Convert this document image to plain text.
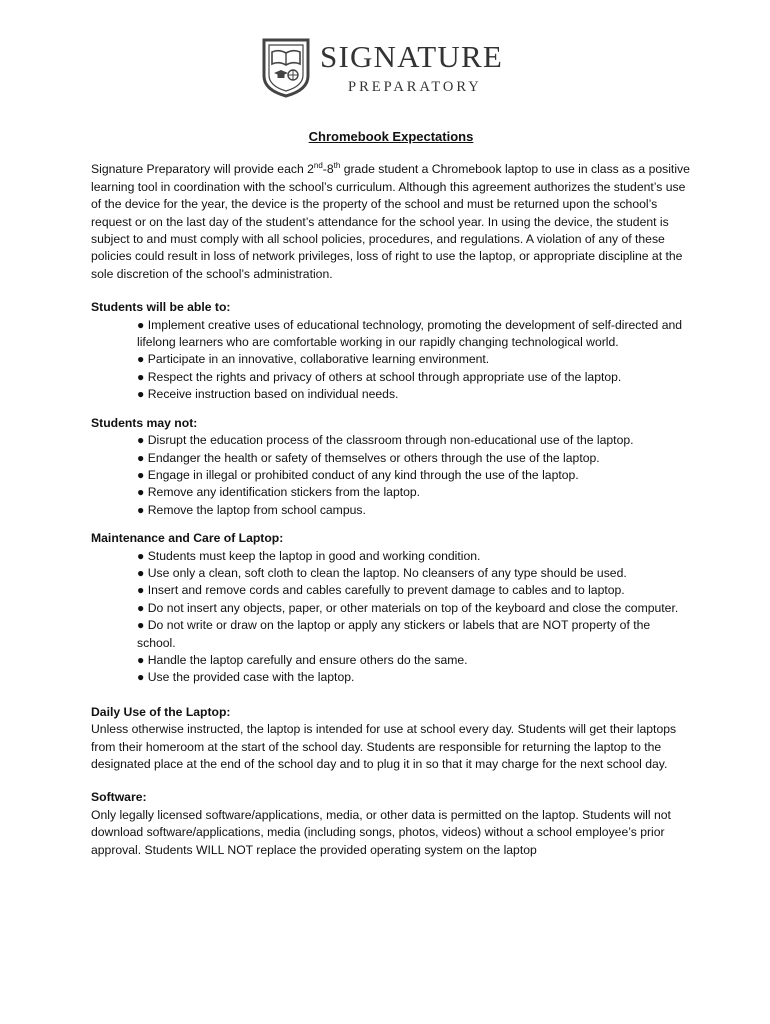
SIGNATURE
PREPARATORY
Chromebook Expectations

Signature Preparatory will provide each 2nd-8th grade student a Chromebook laptop to use in class as a positive learning tool in coordination with the school’s curriculum. Although this agreement authorizes the student’s use of the device for the year, the device is the property of the school and must be returned upon the school’s request or on the last day of the student’s attendance for the school year. In using the device, the student is subject to and must comply with all school policies, procedures, and regulations. A violation of any of these policies could result in loss of network privileges, loss of right to use the laptop, or appropriate discipline at the sole discretion of the school’s administration.

Students will be able to:
● Implement creative uses of educational technology, promoting the development of self-directed and lifelong learners who are comfortable working in our rapidly changing technological world.
● Participate in an innovative, collaborative learning environment.
● Respect the rights and privacy of others at school through appropriate use of the laptop.
● Receive instruction based on individual needs.
Students may not:
● Disrupt the education process of the classroom through non-educational use of the laptop.
● Endanger the health or safety of themselves or others through the use of the laptop.
● Engage in illegal or prohibited conduct of any kind through the use of the laptop.
● Remove any identification stickers from the laptop.
● Remove the laptop from school campus.
Maintenance and Care of Laptop:
● Students must keep the laptop in good and working condition.
● Use only a clean, soft cloth to clean the laptop. No cleansers of any type should be used.
● Insert and remove cords and cables carefully to prevent damage to cables and to laptop.
● Do not insert any objects, paper, or other materials on top of the keyboard and close the computer.
● Do not write or draw on the laptop or apply any stickers or labels that are NOT property of the school.
● Handle the laptop carefully and ensure others do the same.
● Use the provided case with the laptop.
Daily Use of the Laptop:

Unless otherwise instructed, the laptop is intended for use at school every day. Students will get their laptops from their homeroom at the start of the school day. Students are responsible for returning the laptop to the designated place at the end of the school day and to plug it in so that it may charge for the next school day.

Software:

Only legally licensed software/applications, media, or other data is permitted on the laptop. Students will not download software/applications, media (including songs, photos, videos) without a school employee’s prior approval. Students WILL NOT replace the provided operating system on the laptop
